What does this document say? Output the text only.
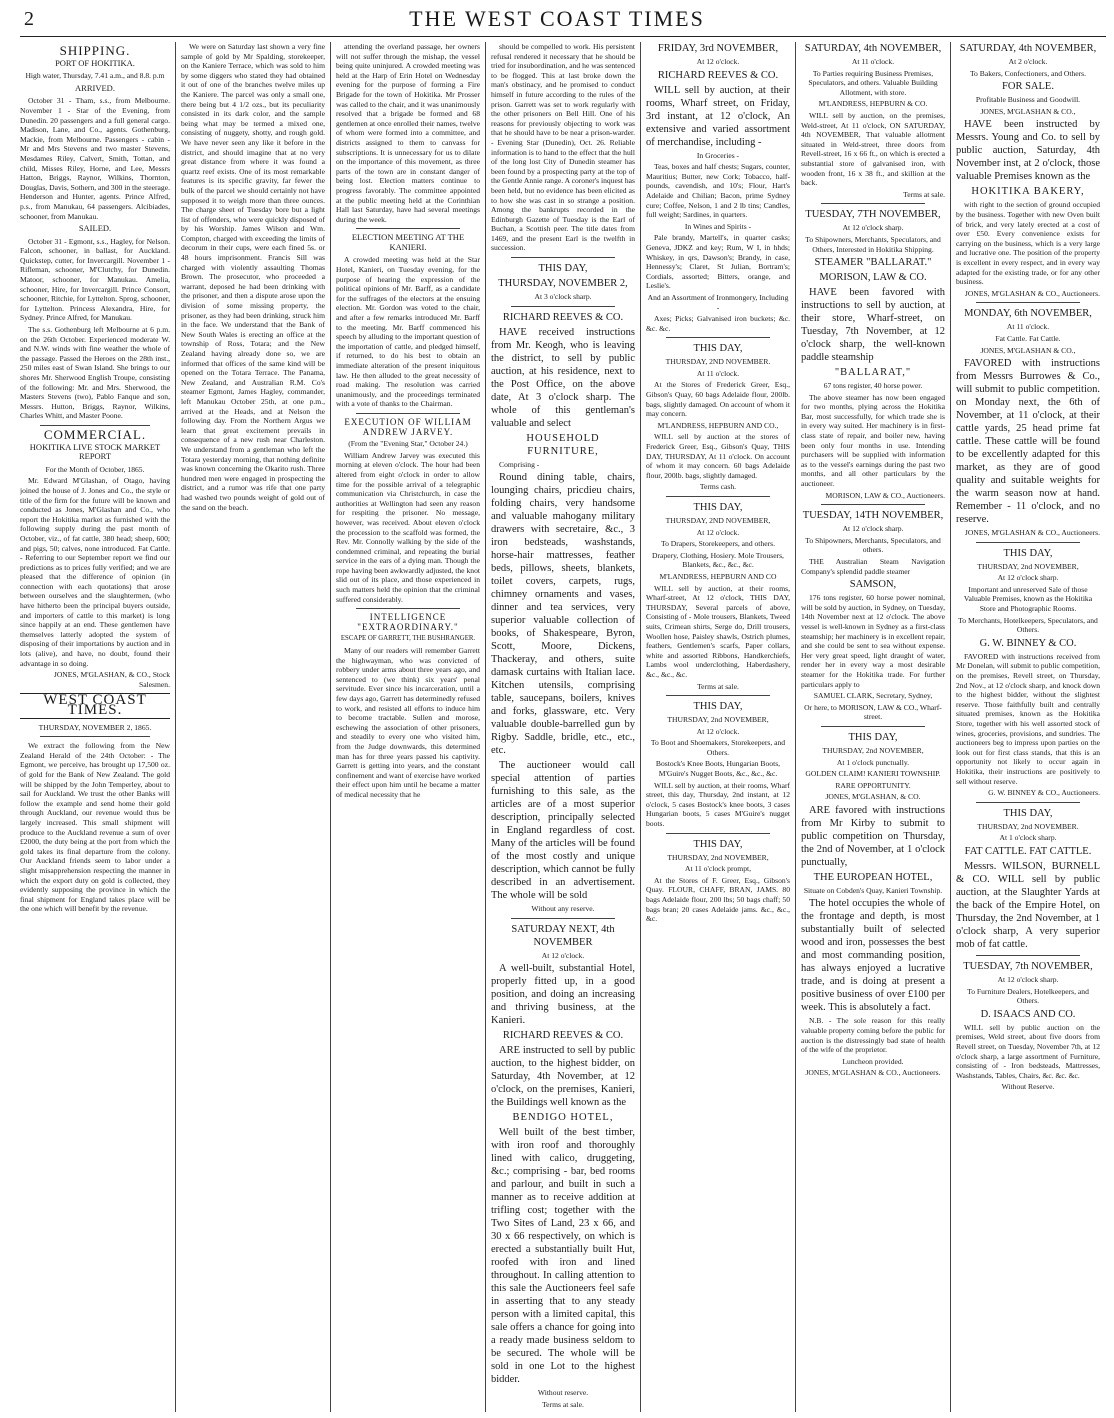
2	THE WEST COAST TIMES
SHIPPING.
PORT OF HOKITIKA.

High water, Thursday, 7.41 a.m., and 8.8. p.m

ARRIVED.

October 31 - Tham, s.s., from Melbourne. November 1 - Star of the Evening, from Dunedin. 20 passengers and a full general cargo. Madison, Lane, and Co., agents. Gothenburg, Mackie, from Melbourne. Passengers - cabin - Mr and Mrs Stevens and two master Stevens, Mesdames Riley, Calvert, Smith, Tottan, and child, Misses Riley, Horne, and Lee, Messrs Hatton, Briggs, Raynor, Wilkins, Thornton, Douglas, Davis, Sothern, and 300 in the steerage. Henderson and Hunter, agents. Prince Alfred, p.s., from Manukau, 64 passengers. Alcibiades, schooner, from Manukau.

SAILED.

October 31 - Egmont, s.s., Hagley, for Nelson. Falcon, schooner, in ballast, for Auckland. Quickstep, cutter, for Invercargill. November 1 - Rifleman, schooner, M'Clutchy, for Dunedin. Matoor, schooner, for Manukau. Amelia, schooner, Hire, for Invercargill. Prince Consort, schooner, Ritchie, for Lyttelton. Sprog, schooner, for Lyttelton. Princess Alexandra, Hire, for Sydney. Prince Alfred, for Manukau.

The s.s. Gothenburg left Melbourne at 6 p.m. on the 26th October. Experienced moderate W. and N.W. winds with fine weather the whole of the passage. Passed the Heroes on the 28th inst., 250 miles east of Swan Island. She brings to our shores Mr. Sherwood English Troupe, consisting of the following: Mr. and Mrs. Sherwood, the Masters Stevens (two), Pablo Fanque and son, Messrs. Hutton, Briggs, Raynor, Wilkins, Charles Whitt, and Master Poone.

COMMERCIAL.
HOKITIKA LIVE STOCK MARKET REPORT

For the Month of October, 1865.

Mr. Edward M'Glashan, of Otago, having joined the house of J. Jones and Co., the style or title of the firm for the future will be known and conducted as Jones, M'Glashan and Co., who report the Hokitika market as furnished with the following supply during the past month of October, viz., of fat cattle, 380 head; sheep, 600; and pigs, 50; calves, none introduced. Fat Cattle. - Referring to our September report we find our predictions as to prices fully verified; and we are pleased that the difference of opinion (in connection with each quotations) that arose between ourselves and the slaughtermen, (who have hitherto been the principal buyers outside, and importers of cattle to this market) is long since happily at an end. These gentlemen have themselves latterly adopted the system of disposing of their importations by auction and in lots (alive), and have, no doubt, found their advantage in so doing.

JONES, M'GLASHAN, & CO., Stock Salesmen.

WEST COAST TIMES.

THURSDAY, NOVEMBER 2, 1865.

We extract the following from the New Zealand Herald of the 24th October: - The Egmont, we perceive, has brought up 17,500 oz. of gold for the Bank of New Zealand. The gold will be shipped by the John Temperley, about to sail for Auckland. We trust the other Banks will follow the example and send home their gold through Auckland, our revenue would thus be largely increased. This small shipment will produce to the Auckland revenue a sum of over £2000, the duty being at the port from which the gold takes its final departure from the colony. Our Auckland friends seem to labor under a slight misapprehension respecting the manner in which the export duty on gold is collected, they evidently supposing the province in which the final shipment for England takes place will be the one which will benefit by the revenue.

We were on Saturday last shown a very fine sample of gold by Mr Spalding, storekeeper, on the Kaniere Terrace, which was sold to him by some diggers who stated they had obtained it out of one of the branches twelve miles up the Kaniere. The parcel was only a small one, there being but 4 1/2 ozs., but its peculiarity consisted in its dark color, and the sample being what may be termed a mixed one, consisting of nuggety, shotty, and rough gold. We have never seen any like it before in the district, and should imagine that at no very great distance from where it was found a quartz reef exists. One of its most remarkable features is its specific gravity, far fewer the bulk of the parcel we should certainly not have supposed it to weigh more than three ounces. The charge sheet of Tuesday bore but a light list of offenders, who were quickly disposed of by his Worship. James Wilson and Wm. Compton, charged with exceeding the limits of decorum in their cups, were each fined 5s. or 48 hours imprisonment. Francis Sill was charged with violently assaulting Thomas Brown. The prosecutor, who proceeded a warrant, deposed he had been drinking with the prisoner, and then a dispute arose upon the division of some missing property, the prisoner, as they had been drinking, struck him in the face. We understand that the Bank of New South Wales is erecting an office at the township of Ross, Totara; and the New Zealand having already done so, we are informed that offices of the same kind will be opened on the Totara Terrace. The Panama, New Zealand, and Australian R.M. Co's steamer Egmont, James Hagley, commander, left Manukau October 25th, at one p.m., arrived at the Heads, and at Nelson the following day. From the Northern Argus we learn that great excitement prevails in consequence of a new rush near Charleston. We understand from a gentleman who left the Totara yesterday morning, that nothing definite was known concerning the Okarito rush. Three hundred men were engaged in prospecting the district, and a rumor was rife that one party had washed two pounds weight of gold out of the sand on the beach.

attending the overland passage, her owners will not suffer through the mishap, the vessel being quite uninjured. A crowded meeting was held at the Harp of Erin Hotel on Wednesday evening for the purpose of forming a Fire Brigade for the town of Hokitika. Mr Prosser was called to the chair, and it was unanimously resolved that a brigade be formed and 68 gentlemen at once enrolled their names, twelve of whom were formed into a committee, and districts assigned to them to canvass for subscriptions. It is unnecessary for us to dilate on the importance of this movement, as three parts of the town are in constant danger of being lost. Election matters continue to progress favorably. The committee appointed at the public meeting held at the Corinthian Hall last Saturday, have had several meetings during the week.

ELECTION MEETING AT THE KANIERI.

A crowded meeting was held at the Star Hotel, Kanieri, on Tuesday evening, for the purpose of hearing the expression of the political opinions of Mr. Barff, as a candidate for the suffrages of the electors at the ensuing election. Mr. Gordon was voted to the chair, and after a few remarks introduced Mr. Barff to the meeting. Mr. Barff commenced his speech by alluding to the important question of the importation of cattle, and pledged himself, if returned, to do his best to obtain an immediate alteration of the present iniquitous law. He then alluded to the great necessity of road making. The resolution was carried unanimously, and the proceedings terminated with a vote of thanks to the Chairman.

EXECUTION OF WILLIAM ANDREW JARVEY.

(From the "Evening Star," October 24.)

William Andrew Jarvey was executed this morning at eleven o'clock. The hour had been altered from eight o'clock in order to allow time for the possible arrival of a telegraphic communication via Christchurch, in case the authorities at Wellington had seen any reason for respiting the prisoner. No message, however, was received. About eleven o'clock the procession to the scaffold was formed, the Rev. Mr. Connolly walking by the side of the condemned criminal, and repeating the burial service in the ears of a dying man. Though the rope having been awkwardly adjusted, the knot slid out of its place, and those experienced in such matters held the opinion that the criminal suffered considerably.

INTELLIGENCE "EXTRAORDINARY."

ESCAPE OF GARRETT, THE BUSHRANGER.

Many of our readers will remember Garrett the highwayman, who was convicted of robbery under arms about three years ago, and sentenced to (we think) six years' penal servitude. Ever since his incarceration, until a few days ago, Garrett has determinedly refused to work, and resisted all efforts to induce him to become tractable. Sullen and morose, eschewing the association of other prisoners, and steadily to every one who visited him, from the Judge downwards, this determined man has for three years passed his captivity. Garrett is getting into years, and the constant confinement and want of exercise have worked their effect upon him until he became a matter of medical necessity that he

should be compelled to work. His persistent refusal rendered it necessary that he should be tried for insubordination, and he was sentenced to be flogged. This at last broke down the man's obstinacy, and he promised to conduct himself in future according to the rules of the prison. Garrett was set to work regularly with the other prisoners on Bell Hill. One of his reasons for previously objecting to work was that he should have to be near a prison-warder. - Evening Star (Dunedin), Oct. 26. Reliable information is to hand to the effect that the hull of the long lost City of Dunedin steamer has been found by a prospecting party at the top of the Gentle Annie range. A coroner's inquest has been held, but no evidence has been elicited as to how she was cast in so strange a position. Among the bankrupts recorded in the Edinburgh Gazette of Tuesday is the Earl of Buchan, a Scottish peer. The title dates from 1469, and the present Earl is the twelfth in succession.

THIS DAY,

THURSDAY, NOVEMBER 2,

At 3 o'clock sharp.

RICHARD REEVES & CO.

HAVE received instructions from Mr. Keogh, who is leaving the district, to sell by public auction, at his residence, next to the Post Office, on the above date, At 3 o'clock sharp. The whole of this gentleman's valuable and select

HOUSEHOLD FURNITURE,

Comprising -

Round dining table, chairs, lounging chairs, pricdieu chairs, folding chairs, very handsome and valuable mahogany military drawers with secretaire, &c., 3 iron bedsteads, washstands, horse-hair mattresses, feather beds, pillows, sheets, blankets, toilet covers, carpets, rugs, chimney ornaments and vases, dinner and tea services, very superior valuable collection of books, of Shakespeare, Byron, Scott, Moore, Dickens, Thackeray, and others, suite damask curtains with Italian lace. Kitchen utensils, comprising table, saucepans, boilers, knives and forks, glassware, etc. Very valuable double-barrelled gun by Rigby. Saddle, bridle, etc., etc., etc.

The auctioneer would call special attention of parties furnishing to this sale, as the articles are of a most superior description, principally selected in England regardless of cost. Many of the articles will be found of the most costly and unique description, which cannot be fully described in an advertisement. The whole will be sold

Without any reserve.

SATURDAY NEXT, 4th NOVEMBER

At 12 o'clock.

A well-built, substantial Hotel, properly fitted up, in a good position, and doing an increasing and thriving business, at the Kanieri.

RICHARD REEVES & CO.

ARE instructed to sell by public auction, to the highest bidder, on Saturday, 4th November, at 12 o'clock, on the premises, Kanieri, the Buildings well known as the

BENDIGO HOTEL,

Well built of the best timber, with iron roof and thoroughly lined with calico, druggeting, &c.; comprising - bar, bed rooms and parlour, and built in such a manner as to receive addition at trifling cost; together with the Two Sites of Land, 23 x 66, and 30 x 66 respectively, on which is erected a substantially built Hut, roofed with iron and lined throughout. In calling attention to this sale the Auctioneers feel safe in asserting that to any steady person with a limited capital, this sale offers a chance for going into a ready made business seldom to be secured. The whole will be sold in one Lot to the highest bidder.

Without reserve.

Terms at sale.

FRIDAY, 3rd NOVEMBER,

At 12 o'clock.

RICHARD REEVES & CO.

WILL sell by auction, at their rooms, Wharf street, on Friday, 3rd instant, at 12 o'clock, An extensive and varied assortment of merchandise, including -

In Groceries -

Teas, boxes and half chests; Sugars, counter, Mauritius; Butter, new Cork; Tobacco, half-pounds, cavendish, and 10's; Flour, Hart's Adelaide and Chilian; Bacon, prime Sydney cure; Coffee, Nelson, 1 and 2 lb tins; Candles, full weight; Sardines, in quarters.

In Wines and Spirits -

Pale brandy, Martell's, in quarter casks; Geneva, JDKZ and key; Rum, W I, in hhds; Whiskey, in qrs, Dawson's; Brandy, in case, Hennessy's; Claret, St Julian, Bortram's; Cordials, assorted; Bitters, orange, and Leslie's.

And an Assortment of Ironmongery, Including -

Axes; Picks; Galvanised iron buckets; &c. &c. &c.

THIS DAY,

THURSDAY, 2ND NOVEMBER.

At 11 o'clock.

At the Stores of Frederick Greer, Esq., Gibson's Quay, 60 bags Adelaide flour, 200lb. bags, slightly damaged. On account of whom it may concern.

M'LANDRESS, HEPBURN AND CO.,

WILL sell by auction at the stores of Frederick Greer, Esq., Gibson's Quay, THIS DAY, THURSDAY, At 11 o'clock. On account of whom it may concern. 60 bags Adelaide flour, 200lb. bags, slightly damaged.

Terms cash.

THIS DAY,

THURSDAY, 2ND NOVEMBER,

At 12 o'clock.

To Drapers, Storekeepers, and others.

Drapery, Clothing, Hosiery. Mole Trousers, Blankets, &c., &c., &c.

M'LANDRESS, HEPBURN AND CO

WILL sell by auction, at their rooms, Wharf-street, At 12 o'clock, THIS DAY, THURSDAY, Several parcels of above, Consisting of - Mole trousers, Blankets, Tweed suits, Crimean shirts, Serge do, Drill trousers, Woollen hose, Paisley shawls, Ostrich plumes, feathers, Gentlemen's scarfs, Paper collars, white and assorted Ribbons, Handkerchiefs, Lambs wool underclothing, Haberdashery, &c., &c., &c.

Terms at sale.

THIS DAY,

THURSDAY, 2nd NOVEMBER,

At 12 o'clock.

To Boot and Shoemakers, Storekeepers, and Others.

Bostock's Knee Boots, Hungarian Boots, M'Guire's Nugget Boots, &c., &c., &c.

WILL sell by auction, at their rooms, Wharf street, this day, Thursday, 2nd instant, at 12 o'clock, 5 cases Bostock's knee boots, 3 cases Hungarian boots, 5 cases M'Guire's nugget boots.

THIS DAY,

THURSDAY, 2nd NOVEMBER,

At 11 o'clock prompt,

At the Stores of F. Greer, Esq., Gibson's Quay. FLOUR, CHAFF, BRAN, JAMS. 80 bags Adelaide flour, 200 lbs; 50 bags chaff; 50 bags bran; 20 cases Adelaide jams. &c., &c., &c.

SATURDAY, 4th NOVEMBER,

At 11 o'clock.

To Parties requiring Business Premises, Speculators, and others. Valuable Building Allotment, with store.

M'LANDRESS, HEPBURN & CO.

WILL sell by auction, on the premises, Weld-street, At 11 o'clock, ON SATURDAY, 4th NOVEMBER, That valuable allotment situated in Weld-street, three doors from Revell-street, 16 x 66 ft., on which is erected a substantial store of galvanised iron, with wooden front, 16 x 38 ft., and skillion at the back.

Terms at sale.

TUESDAY, 7TH NOVEMBER,

At 12 o'clock sharp.

To Shipowners, Merchants, Speculators, and Others, Interested in Hokitika Shipping.

STEAMER "BALLARAT."

MORISON, LAW & CO.

HAVE been favored with instructions to sell by auction, at their store, Wharf-street, on Tuesday, 7th November, at 12 o'clock sharp, the well-known paddle steamship

"BALLARAT,"

67 tons register, 40 horse power.

The above steamer has now been engaged for two months, plying across the Hokitika Bar, most successfully, for which trade she is in every way suited. Her machinery is in first-class state of repair, and boiler new, having been only four months in use. Intending purchasers will be supplied with information as to the vessel's earnings during the past two months, and all other particulars by the auctioneer.

MORISON, LAW & CO., Auctioneers.

TUESDAY, 14TH NOVEMBER,

At 12 o'clock sharp.

To Shipowners, Merchants, Speculators, and others.

THE Australian Steam Navigation Company's splendid paddle steamer

SAMSON,

176 tons register, 60 horse power nominal, will be sold by auction, in Sydney, on Tuesday, 14th November next at 12 o'clock. The above vessel is well-known in Sydney as a first-class steamship; her machinery is in excellent repair, and she could be sent to sea without expense. Her very great speed, light draught of water, render her in every way a most desirable steamer for the Hokitika trade. For further particulars apply to

SAMUEL CLARK, Secretary, Sydney,

Or here, to MORISON, LAW & CO., Wharf-street.

THIS DAY,

THURSDAY, 2nd NOVEMBER,

At 1 o'clock punctually.

GOLDEN CLAIM! KANIERI TOWNSHIP.

RARE OPPORTUNITY.

JONES, M'GLASHAN, & CO.

ARE favored with instructions from Mr Kirby to submit to public competition on Thursday, the 2nd of November, at 1 o'clock punctually,

THE EUROPEAN HOTEL,

Situate on Cobden's Quay, Kanieri Township.

The hotel occupies the whole of the frontage and depth, is most substantially built of selected wood and iron, possesses the best and most commanding position, has always enjoyed a lucrative trade, and is doing at present a positive business of over £100 per week. This is absolutely a fact.

N.B. - The sole reason for this really valuable property coming before the public for auction is the distressingly bad state of health of the wife of the proprietor.

Luncheon provided.

JONES, M'GLASHAN & CO., Auctioneers.

SATURDAY, 4th NOVEMBER,

At 2 o'clock.

To Bakers, Confectioners, and Others.

FOR SALE.

Profitable Business and Goodwill.

JONES, M'GLASHAN & CO.,

HAVE been instructed by Messrs. Young and Co. to sell by public auction, Saturday, 4th November inst, at 2 o'clock, those valuable Premises known as the

HOKITIKA BAKERY,

with right to the section of ground occupied by the business. Together with new Oven built of brick, and very lately erected at a cost of over £50. Every convenience exists for carrying on the business, which is a very large and lucrative one. The position of the property is excellent in every respect, and in every way adapted for the existing trade, or for any other business.

JONES, M'GLASHAN & CO., Auctioneers.

MONDAY, 6th NOVEMBER,

At 11 o'clock.

Fat Cattle. Fat Cattle.

JONES, M'GLASHAN & CO.,

FAVORED with instructions from Messrs Burrowes & Co., will submit to public competition. on Monday next, the 6th of November, at 11 o'clock, at their cattle yards, 25 head prime fat cattle. These cattle will be found to be excellently adapted for this market, as they are of good quality and suitable weights for the warm season now at hand. Remember - 11 o'clock, and no reserve.

JONES, M'GLASHAN & CO., Auctioneers.

THIS DAY,

THURSDAY, 2nd NOVEMBER,

At 12 o'clock sharp.

Important and unreserved Sale of those Valuable Premises, known as the Hokitika Store and Photographic Rooms.

To Merchants, Hotelkeepers, Speculators, and Others.

G. W. BINNEY & CO.

FAVORED with instructions received from Mr Donelan, will submit to public competition, on the premises, Revell street, on Thursday, 2nd Nov., at 12 o'clock sharp, and knock down to the highest bidder, without the slightest reserve. Those faithfully built and centrally situated premises, known as the Hokitika Store, together with his well assorted stock of wines, groceries, provisions, and sundries. The auctioneers beg to impress upon parties on the look out for first class stands, that this is an opportunity not likely to occur again in Hokitika, their instructions are positively to sell without reserve.

G. W. BINNEY & CO., Auctioneers.

THIS DAY,

THURSDAY, 2nd NOVEMBER.

At 1 o'clock sharp.

FAT CATTLE. FAT CATTLE.

Messrs. WILSON, BURNELL & CO. WILL sell by public auction, at the Slaughter Yards at the back of the Empire Hotel, on Thursday, the 2nd November, at 1 o'clock sharp, A very superior mob of fat cattle.

TUESDAY, 7th NOVEMBER,

At 12 o'clock sharp.

To Furniture Dealers, Hotelkeepers, and Others.

D. ISAACS AND CO.

WILL sell by public auction on the premises, Weld street, about five doors from Revell street, on Tuesday, November 7th, at 12 o'clock sharp, a large assortment of Furniture, consisting of - Iron bedsteads, Mattresses, Washstands, Tables, Chairs, &c. &c. &c.

Without Reserve.
